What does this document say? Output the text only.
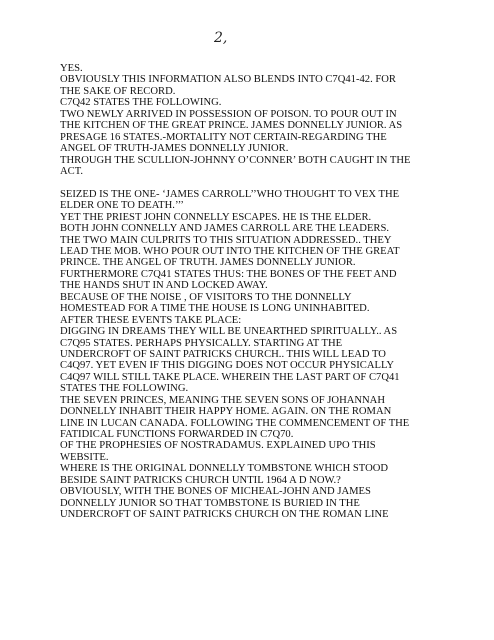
2,
YES.
OBVIOUSLY THIS INFORMATION ALSO BLENDS INTO C7Q41-42. FOR
THE SAKE OF RECORD.
C7Q42 STATES THE FOLLOWING.
TWO NEWLY ARRIVED IN POSSESSION OF POISON. TO POUR OUT IN
THE KITCHEN OF THE GREAT PRINCE. JAMES DONNELLY JUNIOR. AS
PRESAGE 16 STATES.-MORTALITY NOT CERTAIN-REGARDING THE
ANGEL OF TRUTH-JAMES DONNELLY JUNIOR.
THROUGH THE SCULLION-JOHNNY O’CONNER’ BOTH CAUGHT IN THE
ACT.
SEIZED IS THE ONE- ‘JAMES CARROLL’’WHO THOUGHT TO VEX THE
ELDER ONE TO DEATH.’’’
YET THE PRIEST JOHN CONNELLY ESCAPES. HE IS THE ELDER.
BOTH JOHN CONNELLY AND JAMES CARROLL ARE THE LEADERS.
THE TWO MAIN CULPRITS TO THIS SITUATION ADDRESSED.. THEY
LEAD THE MOB. WHO POUR OUT INTO THE KITCHEN OF THE GREAT
PRINCE. THE ANGEL OF TRUTH. JAMES DONNELLY JUNIOR.
FURTHERMORE C7Q41 STATES THUS: THE BONES OF THE FEET AND
THE HANDS SHUT IN AND LOCKED AWAY.
BECAUSE OF THE NOISE , OF VISITORS TO THE DONNELLY
HOMESTEAD FOR A TIME THE HOUSE IS LONG UNINHABITED.
AFTER THESE EVENTS TAKE PLACE:
DIGGING IN DREAMS THEY WILL BE UNEARTHED SPIRITUALLY.. AS
C7Q95 STATES. PERHAPS PHYSICALLY. STARTING AT THE
UNDERCROFT OF SAINT PATRICKS CHURCH.. THIS WILL LEAD TO
C4Q97. YET EVEN IF THIS DIGGING DOES NOT OCCUR PHYSICALLY
C4Q97 WILL STILL TAKE PLACE. WHEREIN THE LAST PART OF C7Q41
STATES THE FOLLOWING.
THE SEVEN PRINCES, MEANING THE SEVEN SONS OF JOHANNAH
DONNELLY INHABIT THEIR HAPPY HOME. AGAIN. ON THE ROMAN
LINE IN LUCAN CANADA. FOLLOWING THE COMMENCEMENT OF THE
FATIDICAL FUNCTIONS FORWARDED IN C7Q70.
OF THE PROPHESIES OF NOSTRADAMUS. EXPLAINED UPO THIS
WEBSITE.
WHERE IS THE ORIGINAL DONNELLY TOMBSTONE WHICH STOOD
BESIDE SAINT PATRICKS CHURCH UNTIL 1964 A D NOW.?
OBVIOUSLY, WITH THE BONES OF MICHEAL-JOHN AND JAMES
DONNELLY JUNIOR SO THAT TOMBSTONE IS BURIED IN THE
UNDERCROFT OF SAINT PATRICKS CHURCH ON THE ROMAN LINE
